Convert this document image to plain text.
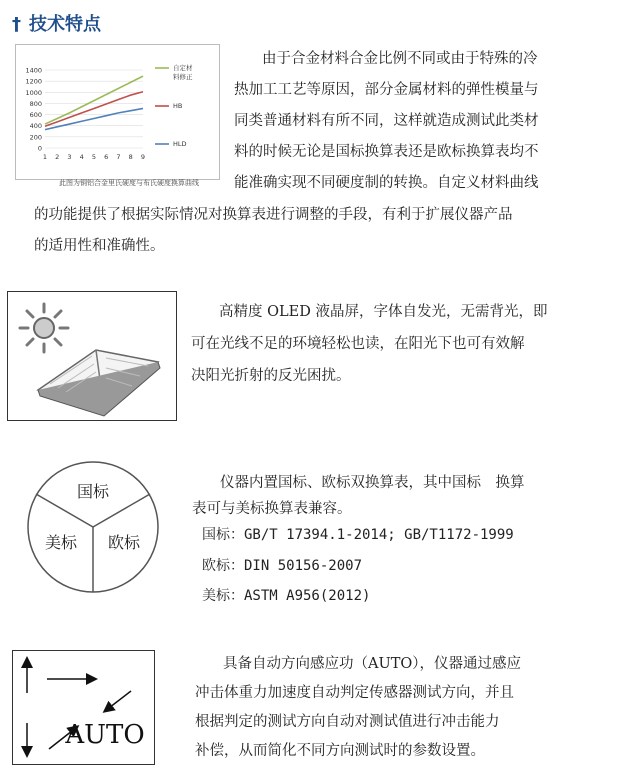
† 技术特点
0
200
400
600
800
1000
1200
1400
1 2 3 4 5 6 7 8 9
自定材
料修正
HB
HLD
此图为铜铝合金里氏硬度与布氏硬度换算曲线
由于合金材料合金比例不同或由于特殊的冷
热加工工艺等原因，部分金属材料的弹性模量与
同类普通材料有所不同，这样就造成测试此类材
料的时候无论是国标换算表还是欧标换算表均不
能准确实现不同硬度制的转换。自定义材料曲线
的功能提供了根据实际情况对换算表进行调整的手段，有利于扩展仪器产品
的适用性和准确性。
高精度 OLED 液晶屏，字体自发光，无需背光，即
可在光线不足的环境轻松也读，在阳光下也可有效解
决阳光折射的反光困扰。
国标
美标 欧标
仪器内置国标、欧标双换算表，其中国标　换算
表可与美标换算表兼容。
国标：GB/T 17394.1-2014; GB/T1172-1999
欧标：DIN 50156-2007
美标：ASTM A956(2012)
AUTO
具备自动方向感应功（AUTO），仪器通过感应
冲击体重力加速度自动判定传感器测试方向，并且
根据判定的测试方向自动对测试值进行冲击能力
补偿，从而简化不同方向测试时的参数设置。
